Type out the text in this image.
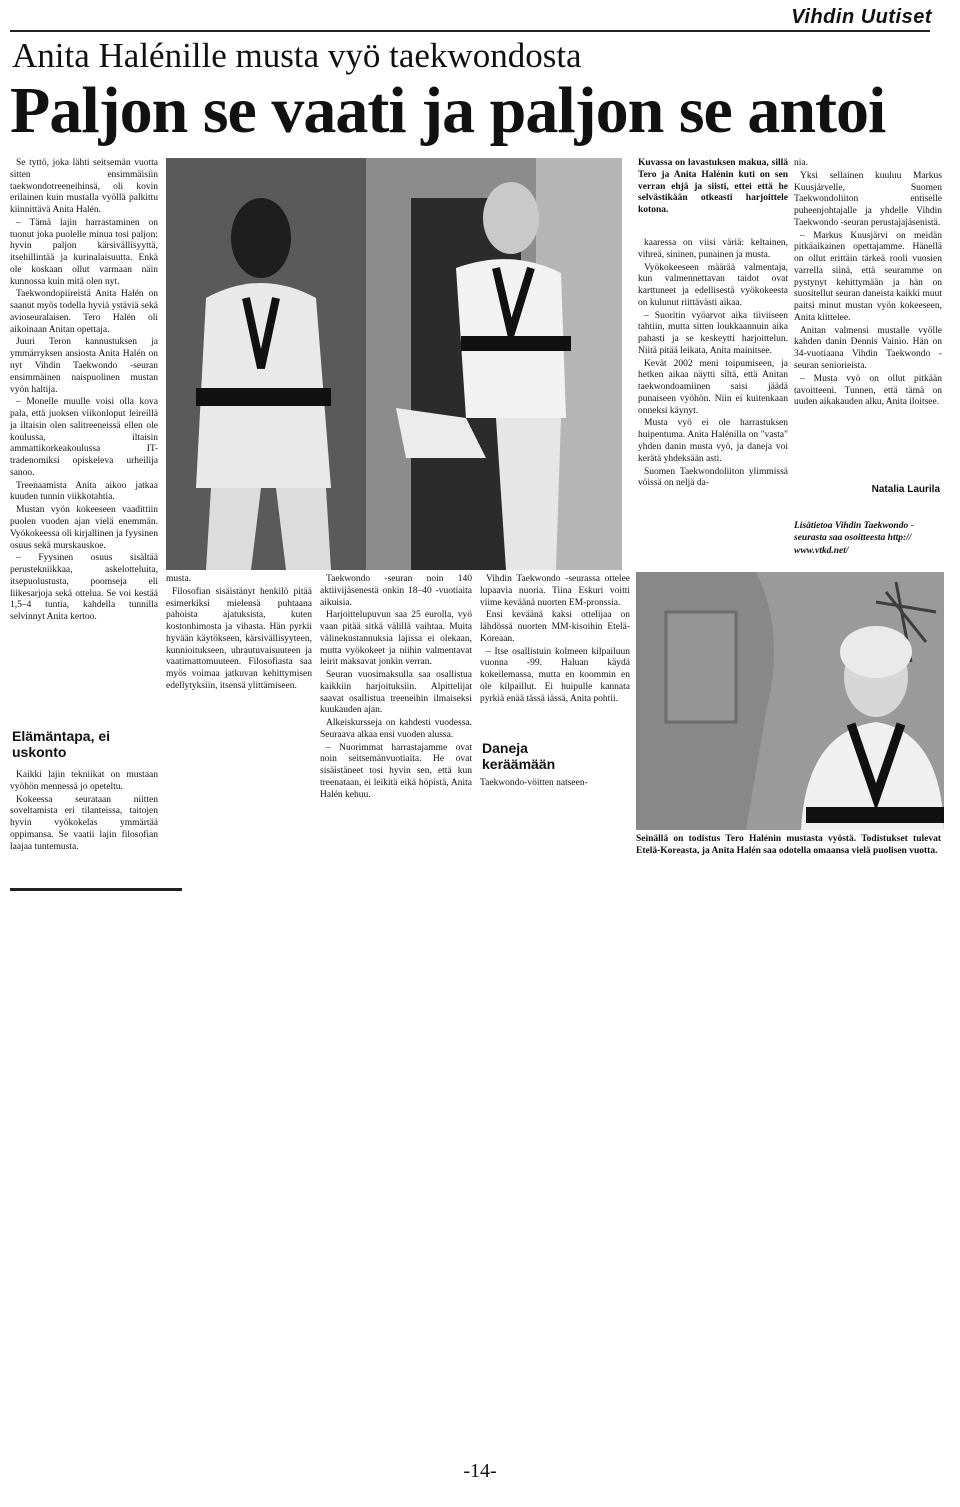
Vihdin Uutiset
Anita Halénille musta vyö taekwondosta
Paljon se vaati ja paljon se antoi

Se tyttö, joka lähti seitsemän vuotta sitten ensimmäisiin taekwondotreeneihinsä, oli kovin erilainen kuin mustalla vyöllä palkittu kiinnittävä Anita Halén.

– Tämä lajin harrastaminen on tuonut joka puolelle minua tosi paljon: hyvin paljon kärsivällisyyttä, itsehillintää ja kurinalaisuutta. Enkä ole koskaan ollut varmaan näin kunnossa kuin mitä olen nyt.

Taekwondopiireistä Anita Halén on saanut myös todella hyviä ystäviä sekä avioseuralaisen. Tero Halén oli aikoinaan Anitan opettaja.

Juuri Teron kannustuksen ja ymmärryksen ansiosta Anita Halén on nyt Vihdin Taekwondo -seuran ensimmäinen naispuolinen mustan vyön haltija.

– Monelle muulle voisi olla kova pala, että juoksen viikonloput leireillä ja iltaisin olen salitreeneissä ellen ole koulussa, iltaisin ammattikorkeakoulussa IT-tradenomiksi opiskeleva urheilija sanoo.

Treenaamista Anita aikoo jatkaa kuuden tunnin viikkotahtia.

Mustan vyön kokeeseen vaadittiin puolen vuoden ajan vielä enemmän. Vyökokeessa oli kirjallinen ja fyysinen osuus sekä murskauskoe.

– Fyysinen osuus sisältää perustekniikkaa, askelotteluita, itsepuolustusta, poomseja eli liikesarjoja sekä ottelua. Se voi kestää 1,5–4 tuntia, kahdella tunnilla selvinnyt Anita kertoo.

Elämäntapa, ei uskonto

Kaikki lajin tekniikat on mustaan vyöhön mennessä jo opeteltu.

Kokeessa seurataan niitten soveltamista eri tilanteissa, taitojen hyvin vyökokelas ymmärtää oppimansa. Se vaatii lajin filosofian laajaa tuntemusta.

musta.

Filosofian sisäistänyt henkilö pitää esimerkiksi mielensä puhtaana pahoista ajatuksista, kuten kostonhimosta ja vihasta. Hän pyrkii hyvään käytökseen, kärsivällisyyteen, kunnioitukseen, uhrautuvaisuuteen ja vaatimattomuuteen. Filosofiasta saa myös voimaa jatkuvan kehittymisen edellytyksiin, itsensä ylittämiseen.

Taekwondo -seuran noin 140 aktiivijäsenestä onkin 18–40 -vuotiaita aikuisia.

Harjoittelupuvun saa 25 eurolla, vyö vaan pitää sitkä välillä vaihtaa. Muita välinekustannuksia lajissa ei olekaan, mutta vyökokeet ja niihin valmentavat leirit maksavat jonkin verran.

Seuran vuosimaksulla saa osallistua kaikkiin harjoituksiin. Alpittelijat saavat osallistua treeneihin ilmaiseksi kuukauden ajan.

Alkeiskursseja on kahdesti vuodessa. Seuraava alkaa ensi vuoden alussa.

– Nuorimmat harrastajamme ovat noin seitsemänvuotiaita. He ovat sisäistäneet tosi hyvin sen, että kun treenataan, ei leikitä eikä höpistä, Anita Halén kehuu.

Vihdin Taekwondo -seurassa ottelee lupaavia nuoria. Tiina Eskuri voitti viime keväänä nuorten EM-pronssia.

Ensi keväänä kaksi ottelijaa on lähdössä nuorten MM-kisoihin Etelä-Koreaan.

– Itse osallistuin kolmeen kilpailuun vuonna -99. Haluan käydä kokeilemassa, mutta en koommin en ole kilpaillut. Ei huipulle kannata pyrkiä enää tässä iässä, Anita pohtii.

Daneja keräämään

Taekwondo-vöitten natseen-

Kuvassa on lavastuksen makua, sillä Tero ja Anita Halénin kuti on sen verran ehjä ja siisti, ettei että he selvästikään otkeasti harjoittele kotona.

kaaressa on viisi väriä: keltainen, vihreä, sininen, punainen ja musta.

Vyökokeeseen määrää valmentaja, kun valmennettavan taidot ovat karttuneet ja edellisestä vyökokeesta on kulunut riittävästi aikaa.

– Suoritin vyöarvot aika tiiviiseen tahtiin, mutta sitten loukkaannuin aika pahasti ja se keskeytti harjoittelun. Niitä pitää leikata, Anita mainitsee.

Kevät 2002 meni toipumiseen, ja hetken aikaa näytti siltä, että Anitan taekwondoamiinen saisi jäädä punaiseen vyöhön. Niin ei kuitenkaan onneksi käynyt.

Musta vyö ei ole harrastuksen huipentuma. Anita Halénilla on "vasta" yhden danin musta vyö, ja daneja voi kerätä yhdeksään asti.

Suomen Taekwondoliiton ylimmissä vöissä on neljä da-

nia.

Yksi sellainen kuuluu Markus Kuusjärvelle, Suomen Taekwondoliiton entiselle puheenjohtajalle ja yhdelle Vihdin Taekwondo -seuran perustajajäsenistä.

– Markus Kuusjärvi on meidän pitkäaikainen opettajamme. Hänellä on ollut erittäin tärkeä rooli vuosien varrella siinä, että seuramme on pystynyt kehittymään ja hän on suositellut seuran daneista kaikki muut paitsi minut mustan vyön kokeeseen, Anita kiittelee.

Anitan valmensi mustalle vyölle kahden danin Dennis Vainio. Hän on 34-vuotiaana Vihdin Taekwondo -seuran seniorieista.

– Musta vyö on ollut pitkään tavoitteeni. Tunnen, että tämä on uuden aikakauden alku, Anita iloitsee.

Natalia Laurila
Lisätietoa Vihdin Taekwondo -seurasta saa osoitteesta http:// www.vtkd.net/
Seinällä on todistus Tero Halénin mustasta vyöstä. Todistukset tulevat Etelä-Koreasta, ja Anita Halén saa odotella omaansa vielä puolisen vuotta.
-14-
